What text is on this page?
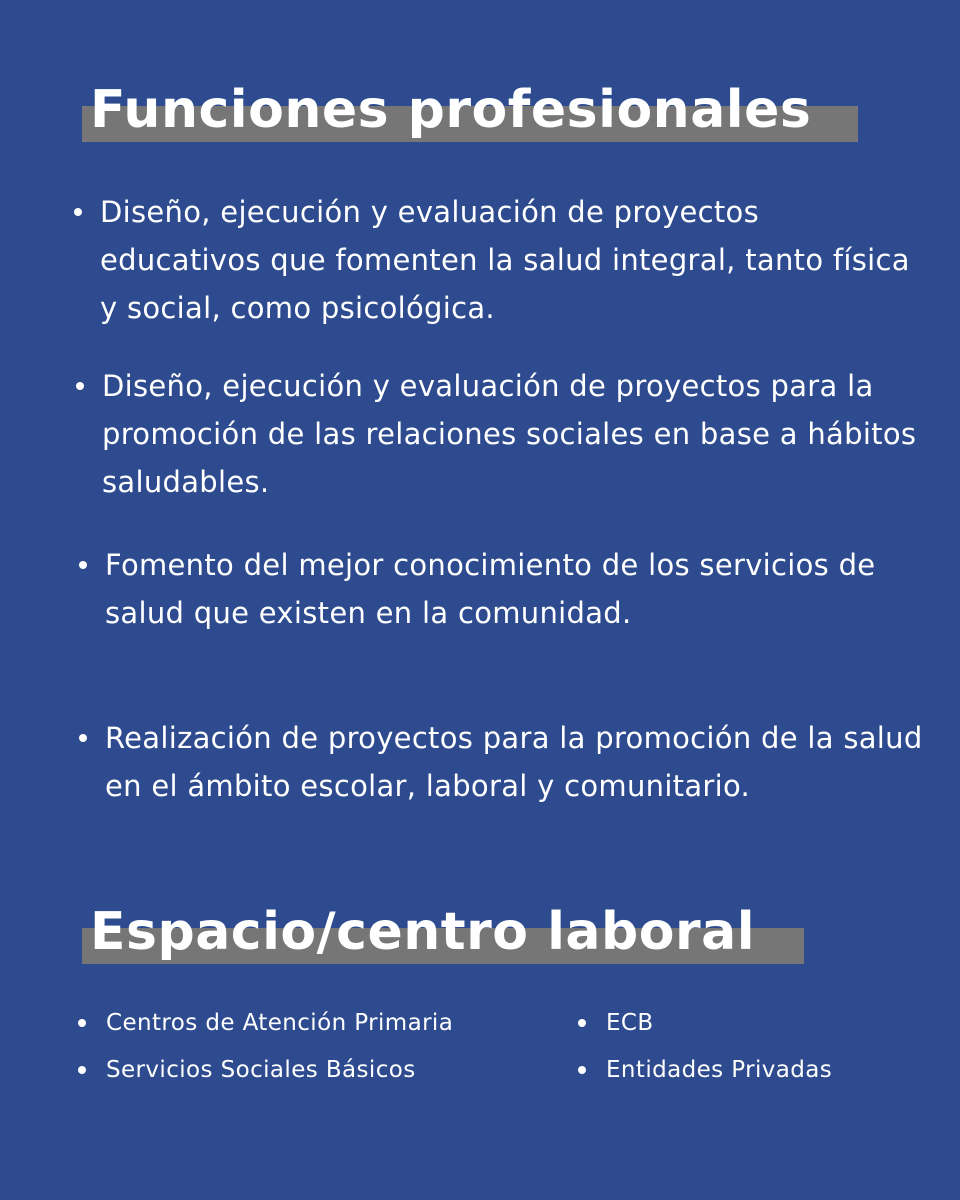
Funciones profesionales
Diseño, ejecución y evaluación de proyectos educativos que fomenten la salud integral, tanto física y social, como psicológica.
Diseño, ejecución y evaluación de proyectos para la promoción de las relaciones sociales en base a hábitos saludables.
Fomento del mejor conocimiento de los servicios de salud que existen en la comunidad.
Realización de proyectos para la promoción de la salud en el ámbito escolar, laboral y comunitario.
Espacio/centro laboral
Centros de Atención Primaria
Servicios Sociales Básicos
ECB
Entidades Privadas
